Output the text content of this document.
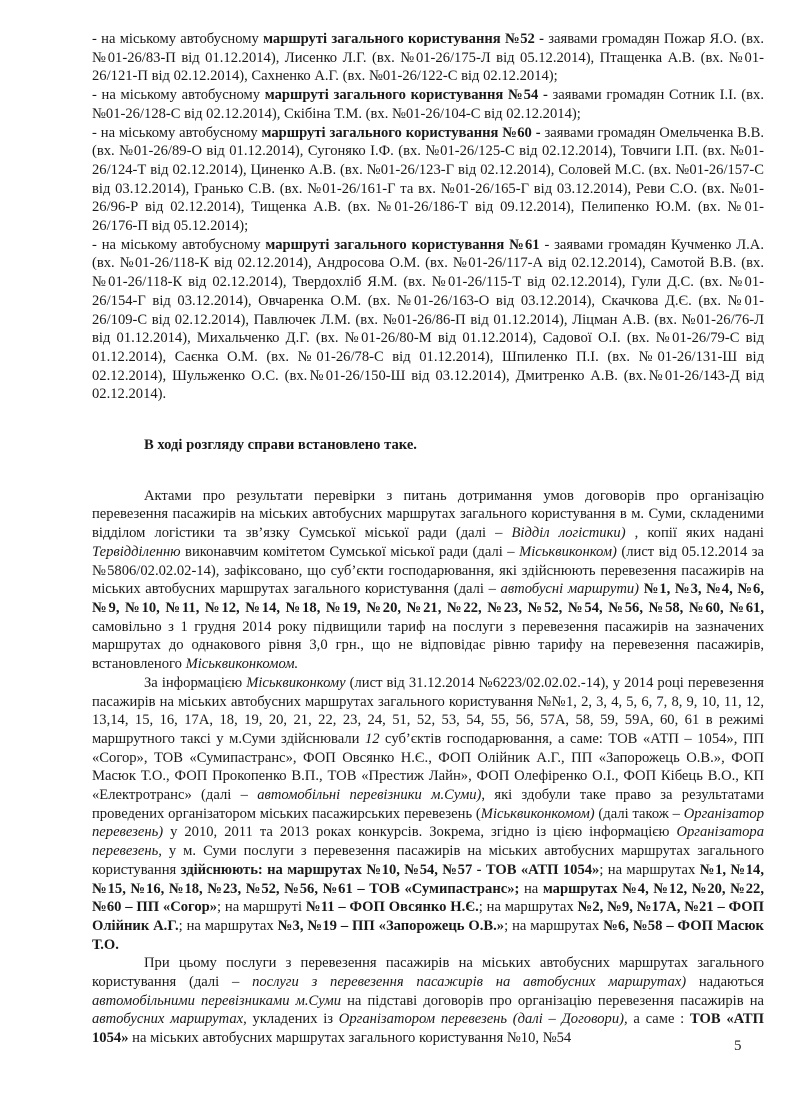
- на міському автобусному маршруті загального користування №52 - заявами громадян Пожар Я.О. (вх. №01-26/83-П від 01.12.2014), Лисенко Л.Г. (вх. №01-26/175-Л від 05.12.2014), Птащенка А.В. (вх. №01-26/121-П від 02.12.2014), Сахненко А.Г. (вх. №01-26/122-С від 02.12.2014);

- на міському автобусному маршруті загального користування №54 - заявами громадян Сотник І.І. (вх. №01-26/128-С від 02.12.2014), Скібіна Т.М. (вх. №01-26/104-С від 02.12.2014);

- на міському автобусному маршруті загального користування №60 - заявами громадян Омельченка В.В. (вх. №01-26/89-О від 01.12.2014), Сугоняко І.Ф. (вх. №01-26/125-С від 02.12.2014), Товчиги І.П. (вх. №01-26/124-Т від 02.12.2014), Циненко А.В. (вх. №01-26/123-Г від 02.12.2014), Соловей М.С. (вх. №01-26/157-С від 03.12.2014), Гранько С.В. (вх. №01-26/161-Г та вх. №01-26/165-Г від 03.12.2014), Реви С.О. (вх. №01-26/96-Р від 02.12.2014), Тищенка А.В. (вх. №01-26/186-Т від 09.12.2014), Пелипенко Ю.М. (вх. №01-26/176-П від 05.12.2014);

- на міському автобусному маршруті загального користування №61 - заявами громадян Кучменко Л.А. (вх. №01-26/118-К від 02.12.2014), Андросова О.М. (вх. №01-26/117-А від 02.12.2014), Самотой В.В. (вх. №01-26/118-К від 02.12.2014), Твердохліб Я.М. (вх. №01-26/115-Т від 02.12.2014), Гули Д.С. (вх. №01-26/154-Г від 03.12.2014), Овчаренка О.М. (вх. №01-26/163-О від 03.12.2014), Скачкова Д.Є. (вх. №01-26/109-С від 02.12.2014), Павлючек Л.М. (вх. №01-26/86-П від 01.12.2014), Ліцман А.В. (вх. №01-26/76-Л від 01.12.2014), Михальченко Д.Г. (вх. №01-26/80-М від 01.12.2014), Садової О.І. (вх. №01-26/79-С від 01.12.2014), Саєнка О.М. (вх. №01-26/78-С від 01.12.2014), Шпиленко П.І. (вх. №01-26/131-Ш від 02.12.2014), Шульженко О.С. (вх.№01-26/150-Ш від 03.12.2014), Дмитренко А.В. (вх.№01-26/143-Д від 02.12.2014).

В ході розгляду справи встановлено таке.

Актами про результати перевірки з питань дотримання умов договорів про організацію перевезення пасажирів на міських автобусних маршрутах загального користування в м. Суми, складеними відділом логістики та зв’язку Сумської міської ради (далі – Відділ логістики) , копії яких надані Тервідділенню виконавчим комітетом Сумської міської ради (далі – Міськвиконком) (лист від 05.12.2014 за №5806/02.02.02-14), зафіксовано, що суб’єкти господарювання, які здійснюють перевезення пасажирів на міських автобусних маршрутах загального користування (далі – автобусні маршрути) №1, №3, №4, №6, №9, №10, №11, №12, №14, №18, №19, №20, №21, №22, №23, №52, №54, №56, №58, №60, №61, самовільно з 1 грудня 2014 року підвищили тариф на послуги з перевезення пасажирів на зазначених маршрутах до однакового рівня 3,0 грн., що не відповідає рівню тарифу на перевезення пасажирів, встановленого Міськвиконкомом.

За інформацією Міськвиконкому (лист від 31.12.2014 №6223/02.02.02.-14), у 2014 році перевезення пасажирів на міських автобусних маршрутах загального користування №№1, 2, 3, 4, 5, 6, 7, 8, 9, 10, 11, 12, 13,14, 15, 16, 17А, 18, 19, 20, 21, 22, 23, 24, 51, 52, 53, 54, 55, 56, 57А, 58, 59, 59А, 60, 61 в режимі маршрутного таксі у м.Суми здійснювали 12 суб’єктів господарювання, а саме: ТОВ «АТП – 1054», ПП «Согор», ТОВ «Сумипастранс», ФОП Овсянко Н.Є., ФОП Олійник А.Г., ПП «Запорожець О.В.», ФОП Масюк Т.О., ФОП Прокопенко В.П., ТОВ «Престиж Лайн», ФОП Олефіренко О.І., ФОП Кібець В.О., КП «Електротранс» (далі – автомобільні перевізники м.Суми), які здобули таке право за результатами проведених організатором міських пасажирських перевезень (Міськвиконкомом) (далі також – Організатор перевезень) у 2010, 2011 та 2013 роках конкурсів. Зокрема, згідно із цією інформацією Організатора перевезень, у м. Суми послуги з перевезення пасажирів на міських автобусних маршрутах загального користування здійснюють: на маршрутах №10, №54, №57 - ТОВ «АТП 1054»; на маршрутах №1, №14, №15, №16, №18, №23, №52, №56, №61 – ТОВ «Сумипастранс»; на маршрутах №4, №12, №20, №22, №60 – ПП «Согор»; на маршруті №11 – ФОП Овсянко Н.Є.; на маршрутах №2, №9, №17А, №21 – ФОП Олійник А.Г.; на маршрутах №3, №19 – ПП «Запорожець О.В.»; на маршрутах №6, №58 – ФОП Масюк Т.О.

При цьому послуги з перевезення пасажирів на міських автобусних маршрутах загального користування (далі – послуги з перевезення пасажирів на автобусних маршрутах) надаються автомобільними перевізниками м.Суми на підставі договорів про організацію перевезення пасажирів на автобусних маршрутах, укладених із Організатором перевезень (далі – Договори), а саме : ТОВ «АТП 1054» на міських автобусних маршрутах загального користування №10, №54	5
